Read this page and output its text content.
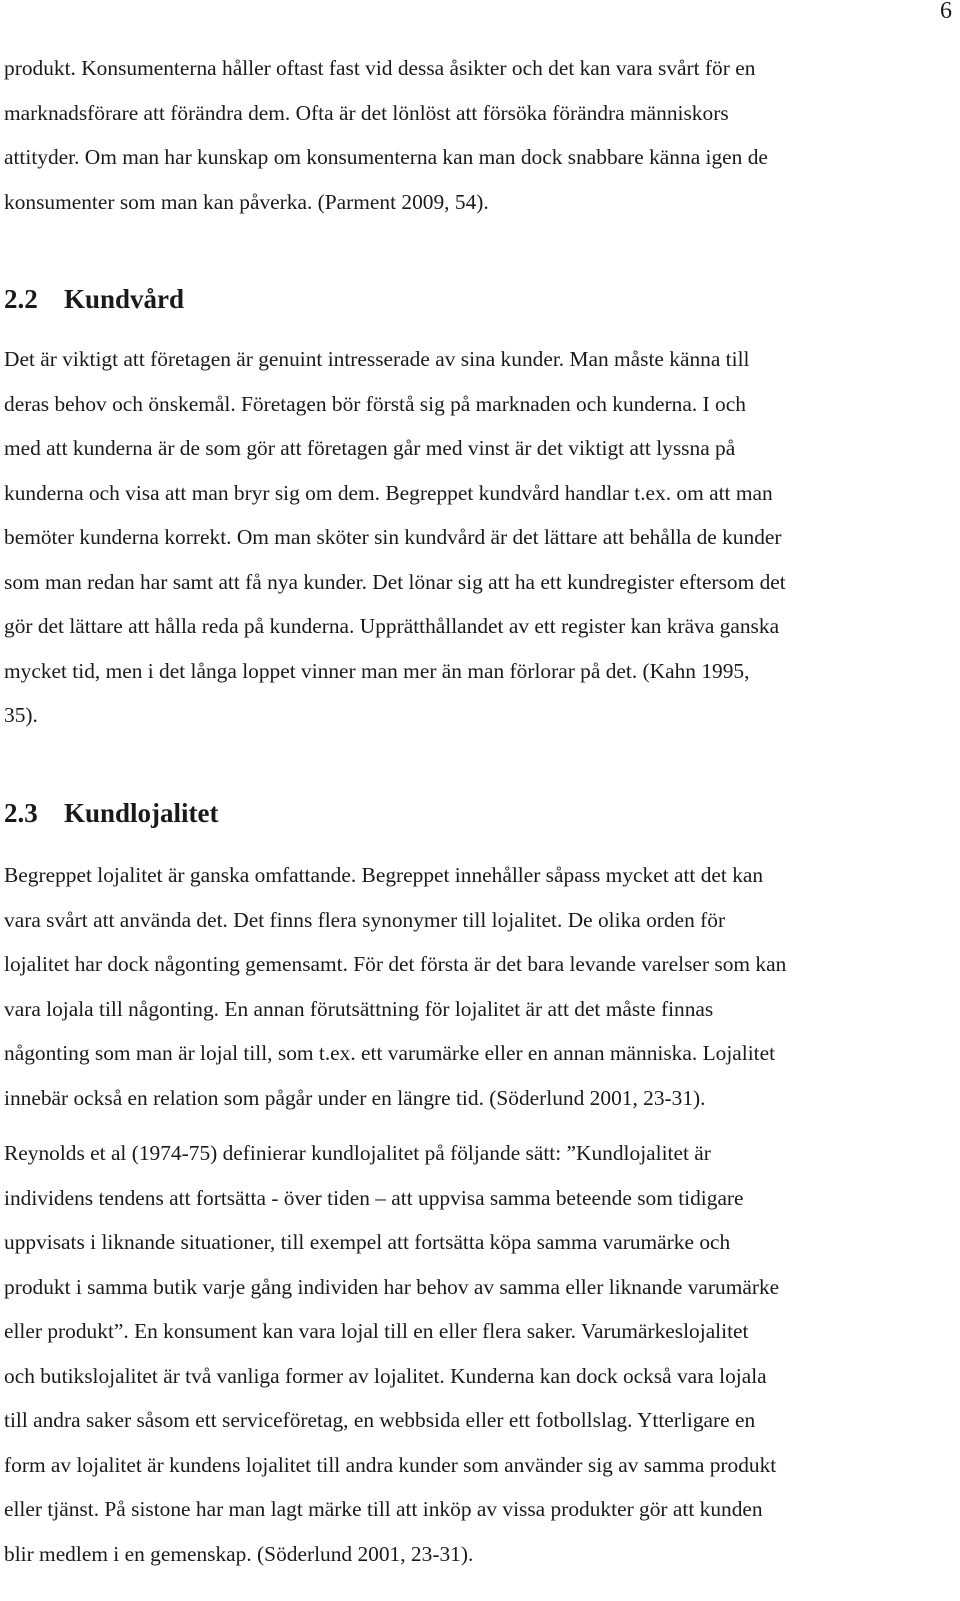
6
produkt. Konsumenterna håller oftast fast vid dessa åsikter och det kan vara svårt för en
marknadsförare att förändra dem. Ofta är det lönlöst att försöka förändra människors
attityder. Om man har kunskap om konsumenterna kan man dock snabbare känna igen de
konsumenter som man kan påverka. (Parment 2009, 54).
2.2 Kundvård
Det är viktigt att företagen är genuint intresserade av sina kunder. Man måste känna till
deras behov och önskemål. Företagen bör förstå sig på marknaden och kunderna. I och
med att kunderna är de som gör att företagen går med vinst är det viktigt att lyssna på
kunderna och visa att man bryr sig om dem. Begreppet kundvård handlar t.ex. om att man
bemöter kunderna korrekt. Om man sköter sin kundvård är det lättare att behålla de kunder
som man redan har samt att få nya kunder. Det lönar sig att ha ett kundregister eftersom det
gör det lättare att hålla reda på kunderna. Upprätthållandet av ett register kan kräva ganska
mycket tid, men i det långa loppet vinner man mer än man förlorar på det. (Kahn 1995,
35).
2.3 Kundlojalitet
Begreppet lojalitet är ganska omfattande. Begreppet innehåller såpass mycket att det kan
vara svårt att använda det. Det finns flera synonymer till lojalitet. De olika orden för
lojalitet har dock någonting gemensamt. För det första är det bara levande varelser som kan
vara lojala till någonting. En annan förutsättning för lojalitet är att det måste finnas
någonting som man är lojal till, som t.ex. ett varumärke eller en annan människa. Lojalitet
innebär också en relation som pågår under en längre tid. (Söderlund 2001, 23-31).
Reynolds et al (1974-75) definierar kundlojalitet på följande sätt: ”Kundlojalitet är
individens tendens att fortsätta - över tiden – att uppvisa samma beteende som tidigare
uppvisats i liknande situationer, till exempel att fortsätta köpa samma varumärke och
produkt i samma butik varje gång individen har behov av samma eller liknande varumärke
eller produkt”. En konsument kan vara lojal till en eller flera saker. Varumärkeslojalitet
och butikslojalitet är två vanliga former av lojalitet. Kunderna kan dock också vara lojala
till andra saker såsom ett serviceföretag, en webbsida eller ett fotbollslag. Ytterligare en
form av lojalitet är kundens lojalitet till andra kunder som använder sig av samma produkt
eller tjänst. På sistone har man lagt märke till att inköp av vissa produkter gör att kunden
blir medlem i en gemenskap. (Söderlund 2001, 23-31).
